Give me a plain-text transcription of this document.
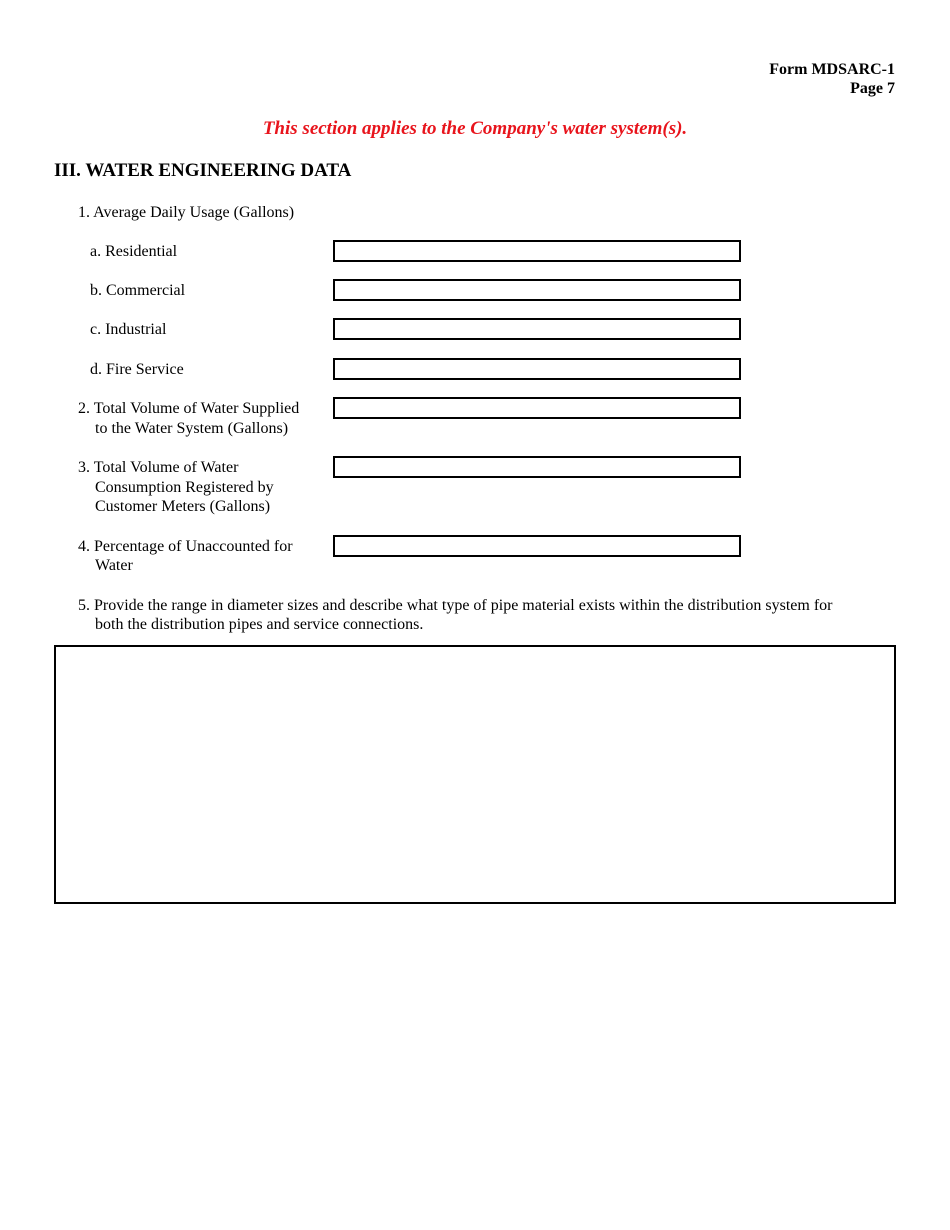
Form MDSARC-1
Page 7
This section applies to the Company's water system(s).
III. WATER ENGINEERING DATA
1. Average Daily Usage (Gallons)
a. Residential
b. Commercial
c. Industrial
d. Fire Service
2. Total Volume of Water Supplied
to the Water System (Gallons)
3. Total Volume of Water
Consumption Registered by
Customer Meters (Gallons)
4. Percentage of Unaccounted for
Water
5. Provide the range in diameter sizes and describe what type of pipe material exists within the distribution system for
both the distribution pipes and service connections.
